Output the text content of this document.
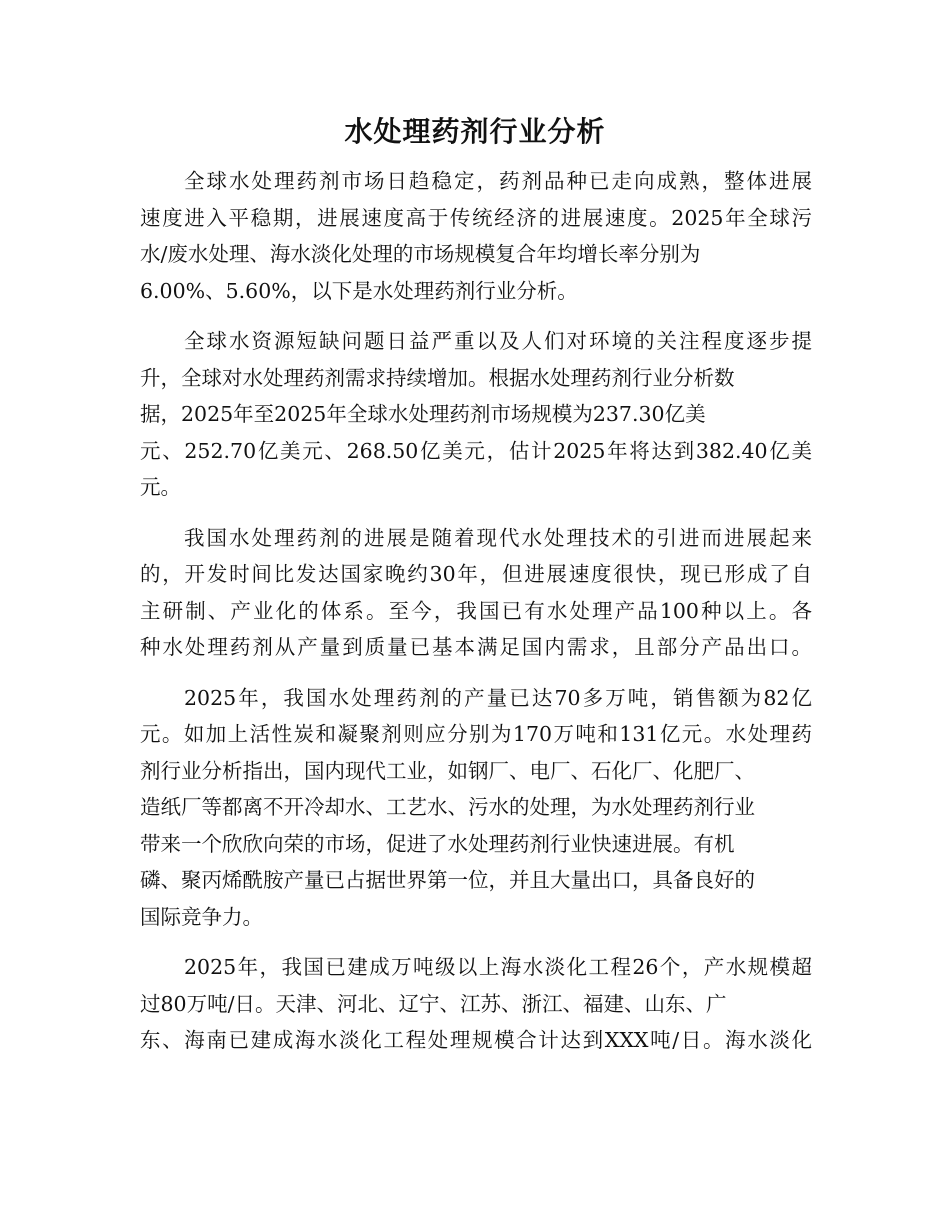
水处理药剂行业分析
全球水处理药剂市场日趋稳定，药剂品种已走向成熟，整体进展
速度进入平稳期，进展速度高于传统经济的进展速度。2025年全球污
水/废水处理、海水淡化处理的市场规模复合年均增长率分别为
6.00%、5.60%，以下是水处理药剂行业分析。
全球水资源短缺问题日益严重以及人们对环境的关注程度逐步提
升，全球对水处理药剂需求持续增加。根据水处理药剂行业分析数
据，2025年至2025年全球水处理药剂市场规模为237.30亿美
元、252.70亿美元、268.50亿美元，估计2025年将达到382.40亿美
元。
我国水处理药剂的进展是随着现代水处理技术的引进而进展起来
的，开发时间比发达国家晚约30年，但进展速度很快，现已形成了自
主研制、产业化的体系。至今，我国已有水处理产品100种以上。各
种水处理药剂从产量到质量已基本满足国内需求，且部分产品出口。
2025年，我国水处理药剂的产量已达70多万吨，销售额为82亿
元。如加上活性炭和凝聚剂则应分别为170万吨和131亿元。水处理药
剂行业分析指出，国内现代工业，如钢厂、电厂、石化厂、化肥厂、
造纸厂等都离不开冷却水、工艺水、污水的处理，为水处理药剂行业
带来一个欣欣向荣的市场，促进了水处理药剂行业快速进展。有机
磷、聚丙烯酰胺产量已占据世界第一位，并且大量出口，具备良好的
国际竞争力。
2025年，我国已建成万吨级以上海水淡化工程26个，产水规模超
过80万吨/日。天津、河北、辽宁、江苏、浙江、福建、山东、广
东、海南已建成海水淡化工程处理规模合计达到XXX吨/日。海水淡化
